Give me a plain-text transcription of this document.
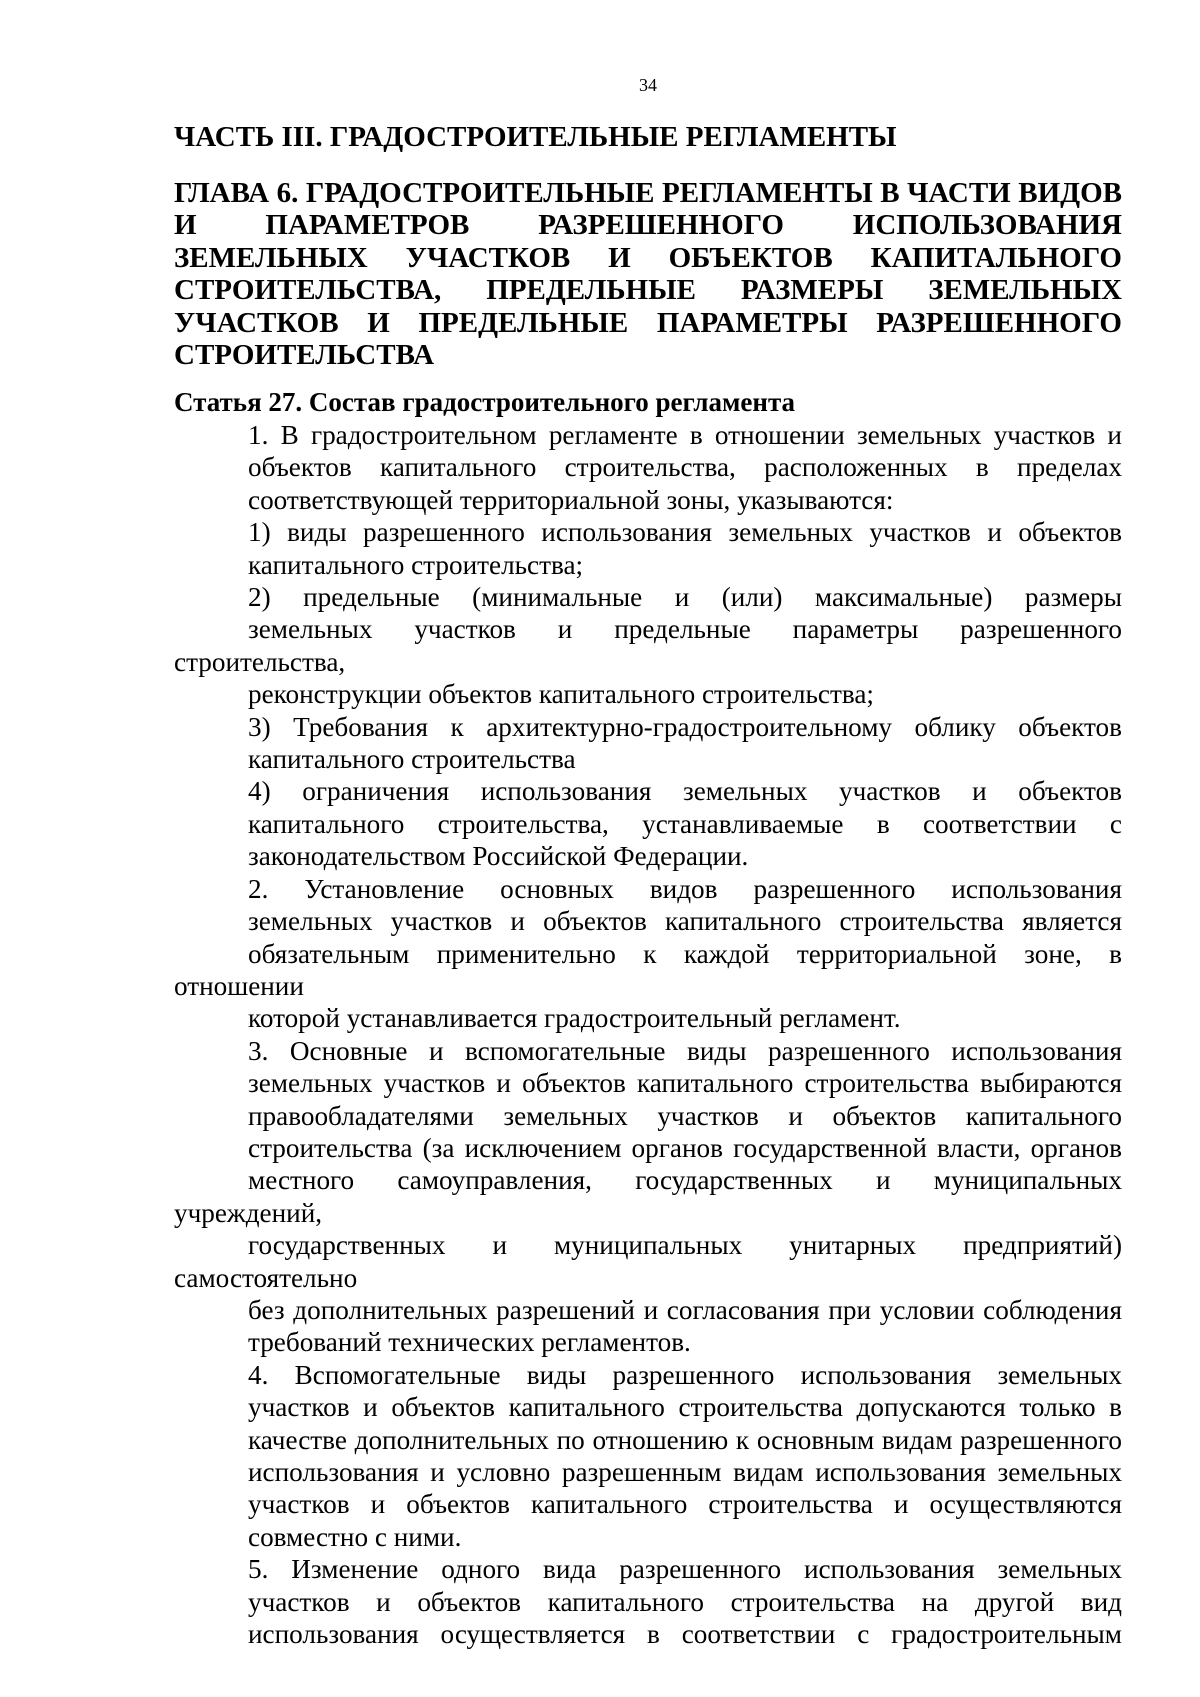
34
ЧАСТЬ III. ГРАДОСТРОИТЕЛЬНЫЕ РЕГЛАМЕНТЫ
ГЛАВА 6. ГРАДОСТРОИТЕЛЬНЫЕ РЕГЛАМЕНТЫ В ЧАСТИ ВИДОВ
И ПАРАМЕТРОВ РАЗРЕШЕННОГО ИСПОЛЬЗОВАНИЯ
ЗЕМЕЛЬНЫХ УЧАСТКОВ И ОБЪЕКТОВ КАПИТАЛЬНОГО
СТРОИТЕЛЬСТВА, ПРЕДЕЛЬНЫЕ РАЗМЕРЫ ЗЕМЕЛЬНЫХ
УЧАСТКОВ И ПРЕДЕЛЬНЫЕ ПАРАМЕТРЫ РАЗРЕШЕННОГО
СТРОИТЕЛЬСТВА
Статья 27. Состав градостроительного регламента

1. В градостроительном регламенте в отношении земельных участков и
объектов капитального строительства, расположенных в пределах
соответствующей территориальной зоны, указываются:

1) виды разрешенного использования земельных участков и объектов
капитального строительства;

2) предельные (минимальные и (или) максимальные) размеры
земельных участков и предельные параметры разрешенного строительства,
реконструкции объектов капитального строительства;

3) Требования к архитектурно-градостроительному облику объектов
капитального строительства

4) ограничения использования земельных участков и объектов
капитального строительства, устанавливаемые в соответствии с
законодательством Российской Федерации.

2. Установление основных видов разрешенного использования
земельных участков и объектов капитального строительства является
обязательным применительно к каждой территориальной зоне, в отношении
которой устанавливается градостроительный регламент.

3. Основные и вспомогательные виды разрешенного использования
земельных участков и объектов капитального строительства выбираются
правообладателями земельных участков и объектов капитального
строительства (за исключением органов государственной власти, органов
местного самоуправления, государственных и муниципальных учреждений,
государственных и муниципальных унитарных предприятий) самостоятельно
без дополнительных разрешений и согласования при условии соблюдения
требований технических регламентов.

4. Вспомогательные виды разрешенного использования земельных
участков и объектов капитального строительства допускаются только в
качестве дополнительных по отношению к основным видам разрешенного
использования и условно разрешенным видам использования земельных
участков и объектов капитального строительства и осуществляются
совместно с ними.

5. Изменение одного вида разрешенного использования земельных
участков и объектов капитального строительства на другой вид
использования осуществляется в соответствии с градостроительным
